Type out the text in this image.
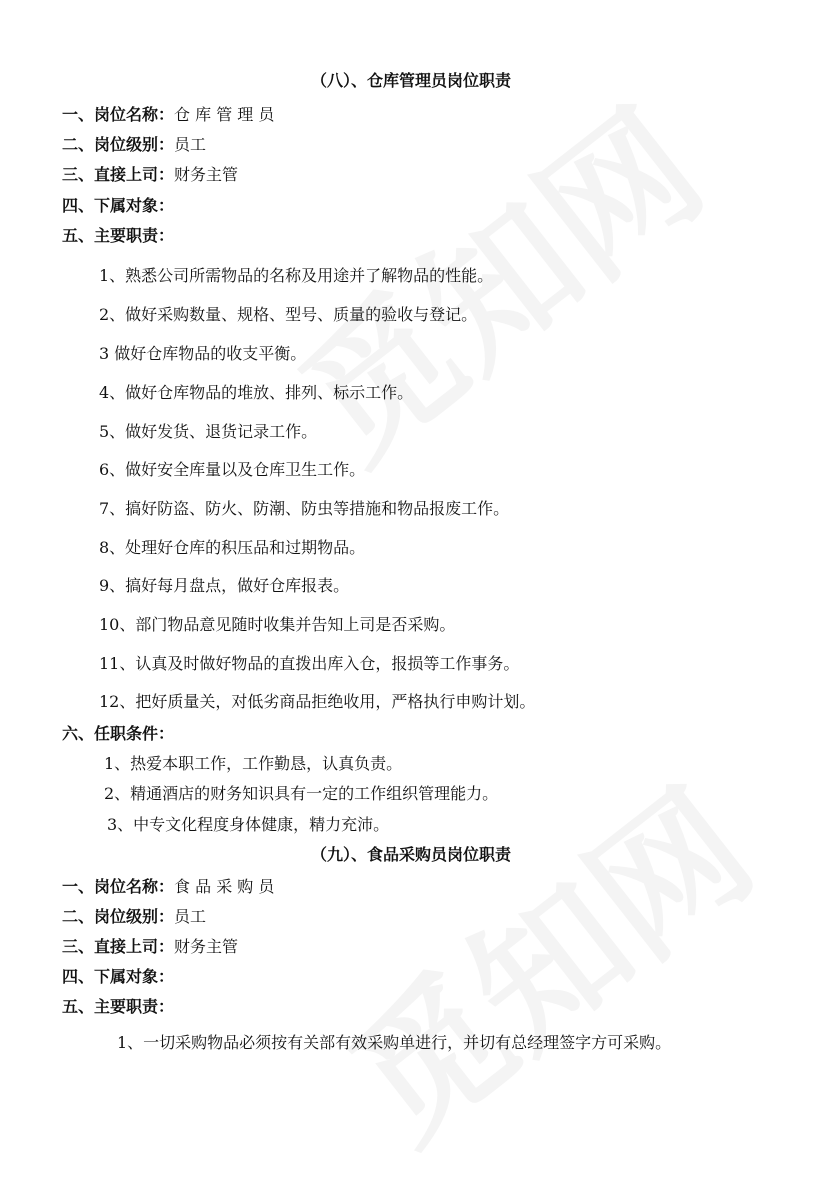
（八）、仓库管理员岗位职责
一、岗位名称：仓 库 管 理 员
二、岗位级别：员工
三、直接上司：财务主管
四、下属对象：
五、主要职责：
1、熟悉公司所需物品的名称及用途并了解物品的性能。
2、做好采购数量、规格、型号、质量的验收与登记。
3 做好仓库物品的收支平衡。
4、做好仓库物品的堆放、排列、标示工作。
5、做好发货、退货记录工作。
6、做好安全库量以及仓库卫生工作。
7、搞好防盗、防火、防潮、防虫等措施和物品报废工作。
8、处理好仓库的积压品和过期物品。
9、搞好每月盘点，做好仓库报表。
10、部门物品意见随时收集并告知上司是否采购。
11、认真及时做好物品的直拨出库入仓，报损等工作事务。
12、把好质量关，对低劣商品拒绝收用，严格执行申购计划。
六、任职条件：
1、热爱本职工作，工作勤恳，认真负责。
2、精通酒店的财务知识具有一定的工作组织管理能力。
3、中专文化程度身体健康，精力充沛。
（九）、食品采购员岗位职责
一、岗位名称：食 品 采 购 员
二、岗位级别：员工
三、直接上司：财务主管
四、下属对象：
五、主要职责：
1、一切采购物品必须按有关部有效采购单进行，并切有总经理签字方可采购。
